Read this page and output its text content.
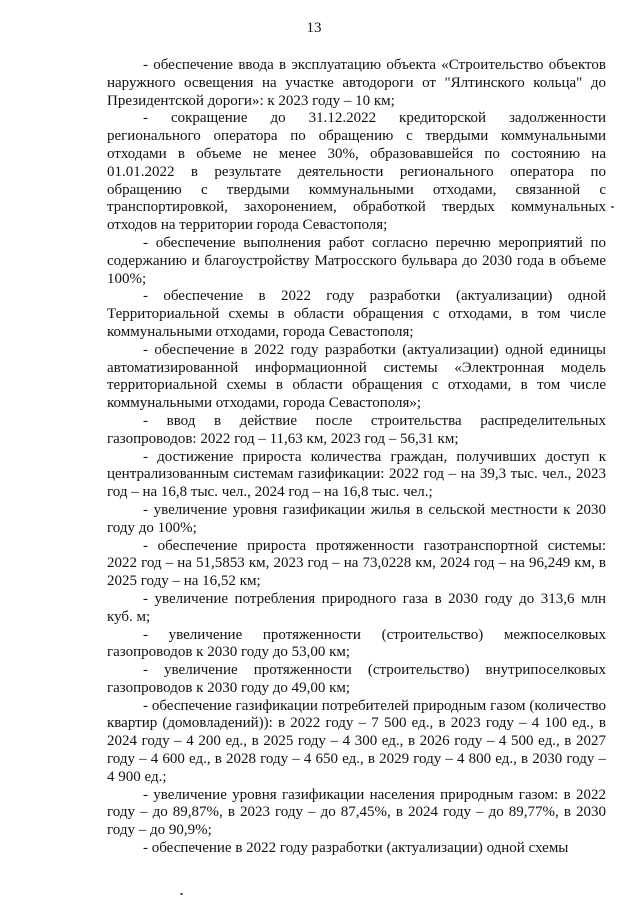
13

- обеспечение ввода в эксплуатацию объекта «Строительство объектов наружного освещения на участке автодороги от "Ялтинского кольца" до Президентской дороги»: к 2023 году – 10 км;

- сокращение до 31.12.2022 кредиторской задолженности регионального оператора по обращению с твердыми коммунальными отходами в объеме не менее 30%, образовавшейся по состоянию на 01.01.2022 в результате деятельности регионального оператора по обращению с твердыми коммунальными отходами, связанной с транспортировкой, захоронением, обработкой твердых коммунальных отходов на территории города Севастополя;

- обеспечение выполнения работ согласно перечню мероприятий по содержанию и благоустройству Матросского бульвара до 2030 года в объеме 100%;

- обеспечение в 2022 году разработки (актуализации) одной Территориальной схемы в области обращения с отходами, в том числе коммунальными отходами, города Севастополя;

- обеспечение в 2022 году разработки (актуализации) одной единицы автоматизированной информационной системы «Электронная модель территориальной схемы в области обращения с отходами, в том числе коммунальными отходами, города Севастополя»;

- ввод в действие после строительства распределительных газопроводов: 2022 год – 11,63 км, 2023 год – 56,31 км;

- достижение прироста количества граждан, получивших доступ к централизованным системам газификации: 2022 год – на 39,3 тыс. чел., 2023 год – на 16,8 тыс. чел., 2024 год – на 16,8 тыс. чел.;

- увеличение уровня газификации жилья в сельской местности к 2030 году до 100%;

- обеспечение прироста протяженности газотранспортной системы: 2022 год – на 51,5853 км, 2023 год – на 73,0228 км, 2024 год – на 96,249 км, в 2025 году – на 16,52 км;

- увеличение потребления природного газа в 2030 году до 313,6 млн куб. м;

- увеличение протяженности (строительство) межпоселковых газопроводов к 2030 году до 53,00 км;

- увеличение протяженности (строительство) внутрипоселковых газопроводов к 2030 году до 49,00 км;

- обеспечение газификации потребителей природным газом (количество квартир (домовладений)): в 2022 году – 7 500 ед., в 2023 году – 4 100 ед., в 2024 году – 4 200 ед., в 2025 году – 4 300 ед., в 2026 году – 4 500 ед., в 2027 году – 4 600 ед., в 2028 году – 4 650 ед., в 2029 году – 4 800 ед., в 2030 году – 4 900 ед.;

- увеличение уровня газификации населения природным газом: в 2022 году – до 89,87%, в 2023 году – до 87,45%, в 2024 году – до 89,77%, в 2030 году – до 90,9%;

- обеспечение в 2022 году разработки (актуализации) одной схемы
